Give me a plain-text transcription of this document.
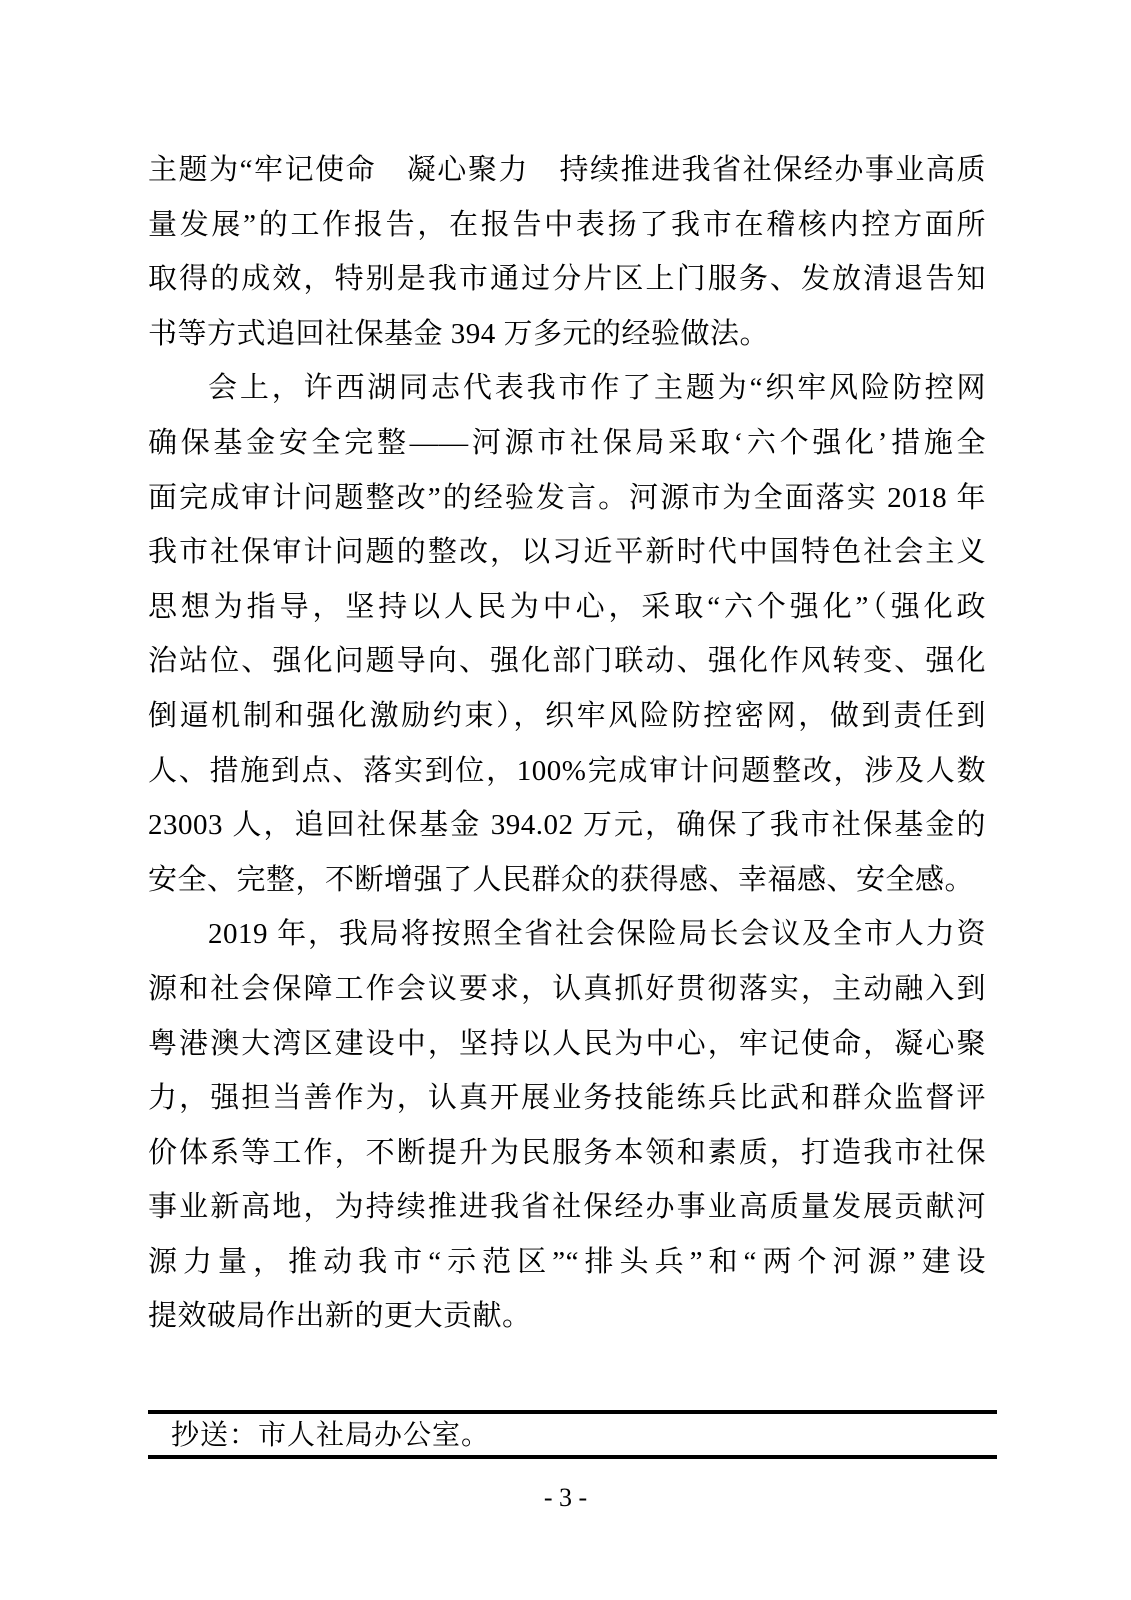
主题为“牢记使命　凝心聚力　持续推进我省社保经办事业高质
量发展”的工作报告，在报告中表扬了我市在稽核内控方面所
取得的成效，特别是我市通过分片区上门服务、发放清退告知
书等方式追回社保基金 394 万多元的经验做法。
会上，许西湖同志代表我市作了主题为“织牢风险防控网
确保基金安全完整——河源市社保局采取‘六个强化’措施全
面完成审计问题整改”的经验发言。河源市为全面落实 2018 年
我市社保审计问题的整改，以习近平新时代中国特色社会主义
思想为指导，坚持以人民为中心，采取“六个强化”（强化政
治站位、强化问题导向、强化部门联动、强化作风转变、强化
倒逼机制和强化激励约束），织牢风险防控密网，做到责任到
人、措施到点、落实到位，100%完成审计问题整改，涉及人数
23003 人，追回社保基金 394.02 万元，确保了我市社保基金的
安全、完整，不断增强了人民群众的获得感、幸福感、安全感。
2019 年，我局将按照全省社会保险局长会议及全市人力资
源和社会保障工作会议要求，认真抓好贯彻落实，主动融入到
粤港澳大湾区建设中，坚持以人民为中心，牢记使命，凝心聚
力，强担当善作为，认真开展业务技能练兵比武和群众监督评
价体系等工作，不断提升为民服务本领和素质，打造我市社保
事业新高地，为持续推进我省社保经办事业高质量发展贡献河
源力量，推动我市“示范区”“排头兵”和“两个河源”建设
提效破局作出新的更大贡献。
抄送：市人社局办公室。
- 3 -
